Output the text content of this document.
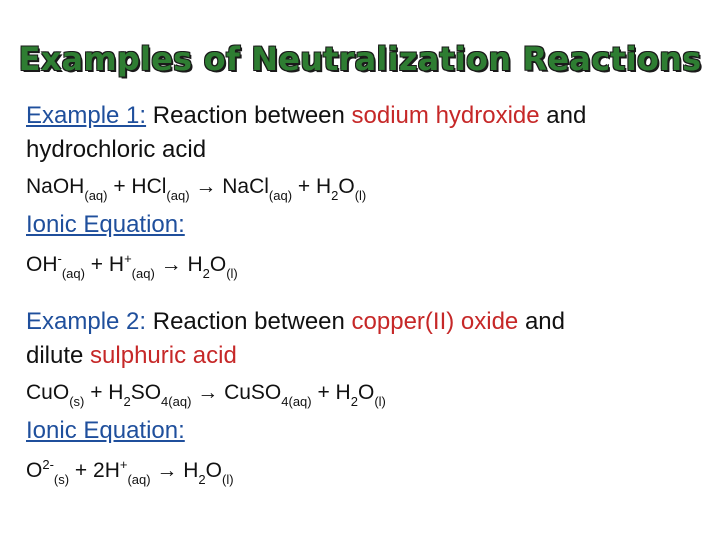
Examples of Neutralization Reactions
Example 1: Reaction between sodium hydroxide and
hydrochloric acid
NaOH$_{(aq)}$ + HCl$_{(aq)}$ → NaCl$_{(aq)}$ + $H_2O_{(l)}$
Ionic Equation:
$OH^-_{(aq)} + H^+_{(aq)} \to H_2O_{(l)}$
Example 2: Reaction between copper(II) oxide and
dilute sulphuric acid
$CuO_{(s)} + H_2SO_{4(aq)}$ → CuSO$_{4(aq)}$ + $H_2O_{(l)}$
Ionic Equation:
$O^{2-}_{(s)} + 2H^+_{(aq)} \to H_2O_{(l)}$
